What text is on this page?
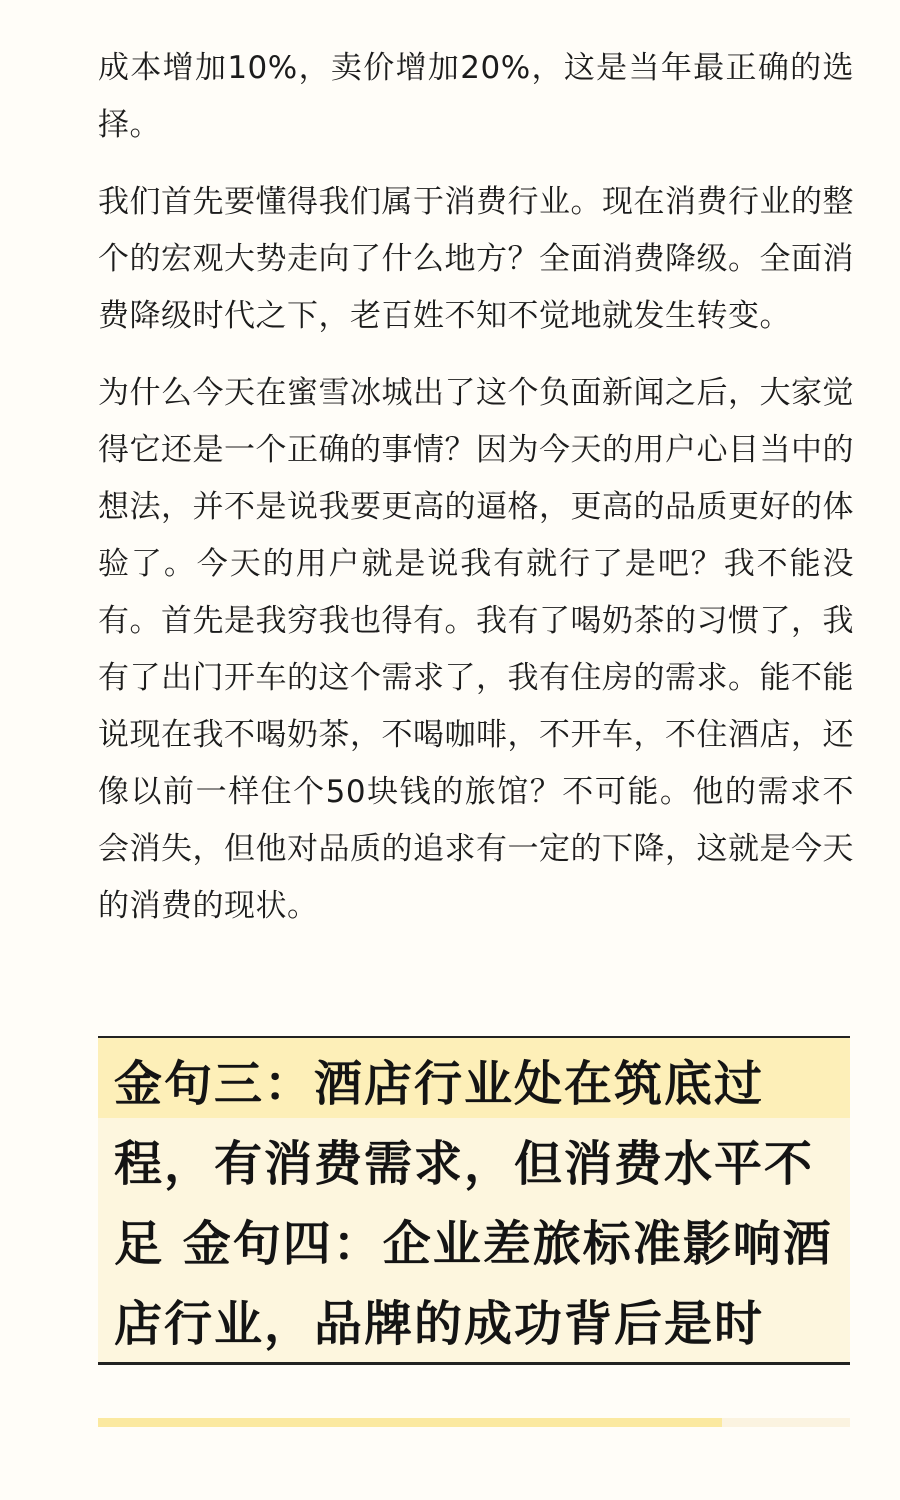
成本增加10%，卖价增加20%，这是当年最正确的选择。

我们首先要懂得我们属于消费行业。现在消费行业的整个的宏观大势走向了什么地方？全面消费降级。全面消费降级时代之下，老百姓不知不觉地就发生转变。

为什么今天在蜜雪冰城出了这个负面新闻之后，大家觉得它还是一个正确的事情？因为今天的用户心目当中的想法，并不是说我要更高的逼格，更高的品质更好的体验了。今天的用户就是说我有就行了是吧？我不能没有。首先是我穷我也得有。我有了喝奶茶的习惯了，我有了出门开车的这个需求了，我有住房的需求。能不能说现在我不喝奶茶，不喝咖啡，不开车，不住酒店，还像以前一样住个50块钱的旅馆？不可能。他的需求不会消失，但他对品质的追求有一定的下降，这就是今天的消费的现状。

金句三：酒店行业处在筑底过程，有消费需求，但消费水平不足 金句四：企业差旅标准影响酒店行业，品牌的成功背后是时
